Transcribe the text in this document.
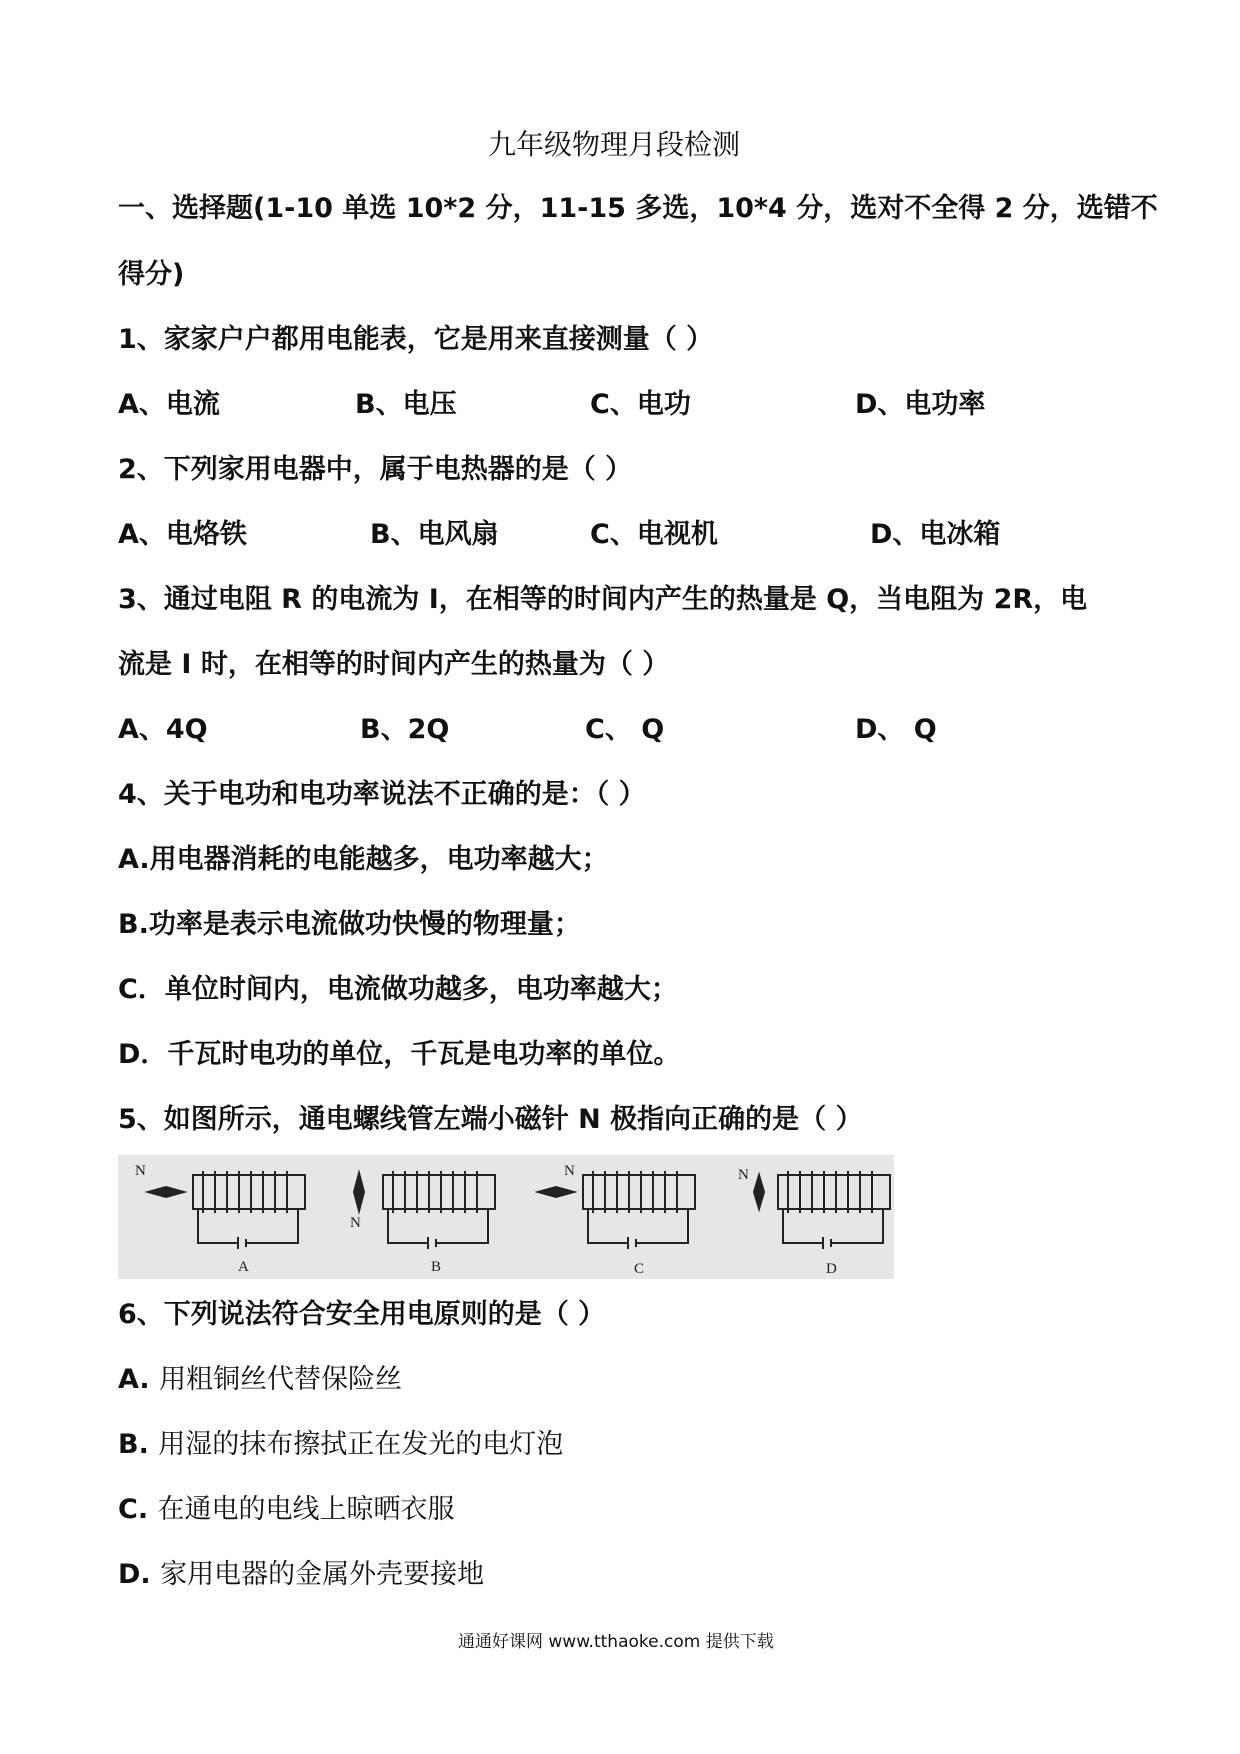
九年级物理月段检测
一、选择题(1-10 单选 10*2 分，11-15 多选，10*4 分，选对不全得 2 分，选错不
得分)
1、家家户户都用电能表，它是用来直接测量（ ）
A、电流	B、电压	C、电功	D、电功率
2、下列家用电器中，属于电热器的是（ ）
A、电烙铁	B、电风扇	C、电视机	D、电冰箱
3、通过电阻 R 的电流为 I，在相等的时间内产生的热量是 Q，当电阻为 2R，电
流是 I 时，在相等的时间内产生的热量为（ ）
A、4Q	B、2Q	C、 Q	D、 Q
4、关于电功和电功率说法不正确的是：（ ）
A.用电器消耗的电能越多，电功率越大；
B.功率是表示电流做功快慢的物理量；
C．单位时间内，电流做功越多，电功率越大；
D．千瓦时电功的单位，千瓦是电功率的单位。
5、如图所示，通电螺线管左端小磁针 N 极指向正确的是（ ）
N
N
N	N
A	B	C	D
6、下列说法符合安全用电原则的是（ ）
A. 用粗铜丝代替保险丝
B. 用湿的抹布擦拭正在发光的电灯泡
C. 在通电的电线上晾晒衣服
D. 家用电器的金属外壳要接地
通通好课网 www.tthaoke.com 提供下载
